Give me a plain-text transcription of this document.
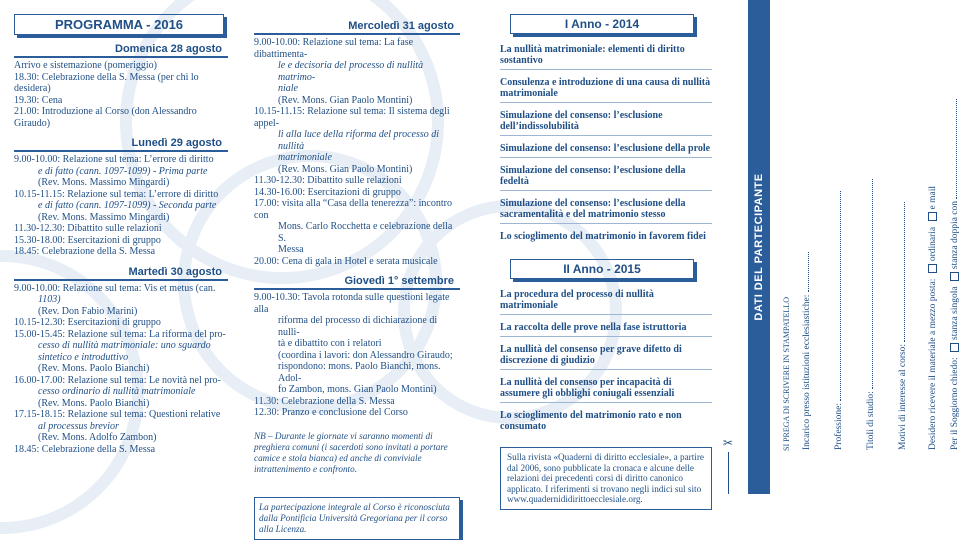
PROGRAMMA - 2016
Domenica 28 agosto
Arrivo e sistemazione (pomeriggio)
18.30: Celebrazione della S. Messa (per chi lo desidera)
19.30: Cena
21.00: Introduzione al Corso (don Alessandro Giraudo)
Lunedì 29 agosto
9.00-10.00: Relazione sul tema: L’errore di diritto
e di fatto (cann. 1097-1099) - Prima parte
(Rev. Mons. Massimo Mingardi)
10.15-11.15: Relazione sul tema: L’errore di diritto
e di fatto (cann. 1097-1099) - Seconda parte
(Rev. Mons. Massimo Mingardi)
11.30-12.30: Dibattito sulle relazioni
15.30-18.00: Esercitazioni di gruppo
18.45: Celebrazione della S. Messa
Martedì 30 agosto
9.00-10.00: Relazione sul tema: Vis et metus (can.
1103)
(Rev. Don Fabio Marini)
10.15-12.30: Esercitazioni di gruppo
15.00-15.45: Relazione sul tema: La riforma del pro-
cesso di nullità matrimoniale: uno sguardo
sintetico e introduttivo
(Rev. Mons. Paolo Bianchi)
16.00-17.00: Relazione sul tema: Le novità nel pro-
cesso ordinario di nullità matrimoniale
(Rev. Mons. Paolo Bianchi)
17.15-18.15: Relazione sul tema: Questioni relative
al processus brevior
(Rev. Mons. Adolfo Zambon)
18.45: Celebrazione della S. Messa
Mercoledì 31 agosto
9.00-10.00: Relazione sul tema: La fase dibattimenta-
le e decisoria del processo di nullità matrimo-
niale
(Rev. Mons. Gian Paolo Montini)
10.15-11.15: Relazione sul tema: Il sistema degli appel-
li alla luce della riforma del processo di nullità
matrimoniale
(Rev. Mons. Gian Paolo Montini)
11.30-12.30: Dibattito sulle relazioni
14.30-16.00: Esercitazioni di gruppo
17.00: visita alla “Casa della tenerezza”: incontro con
Mons. Carlo Rocchetta e celebrazione della S.
Messa
20.00: Cena di gala in Hotel e serata musicale
Giovedì 1° settembre
9.00-10.30: Tavola rotonda sulle questioni legate alla
riforma del processo di dichiarazione di nulli-
tà e dibattito con i relatori
(coordina i lavori: don Alessandro Giraudo;
rispondono: mons. Paolo Bianchi, mons. Adol-
fo Zambon, mons. Gian Paolo Montini)
11.30: Celebrazione della S. Messa
12.30: Pranzo e conclusione del Corso
NB – Durante le giornate vi saranno momenti di preghiera comuni (i sacerdoti sono invitati a portare camice e stola bianca) ed anche di conviviale intrattenimento e confronto.
La partecipazione integrale al Corso è riconosciuta dalla Pontificia Università Gregoriana per il corso alla Licenza.
I Anno - 2014
La nullità matrimoniale: elementi di diritto sostantivo
Consulenza e introduzione di una causa di nullità matrimoniale
Simulazione del consenso: l’esclusione dell’indissolubilità
Simulazione del consenso: l’esclusione della prole
Simulazione del consenso: l’esclusione della fedeltà
Simulazione del consenso: l’esclusione della sacramentalità e del matrimonio stesso
Lo scioglimento del matrimonio in favorem fidei
II Anno - 2015
La procedura del processo di nullità matrimoniale
La raccolta delle prove nella fase istruttoria
La nullità del consenso per grave difetto di discrezione di giudizio
La nullità del consenso per incapacità di assumere gli obblighi coniugali essenziali
Lo scioglimento del matrimonio rato e non consumato
Sulla rivista «Quaderni di diritto ecclesiale», a partire dal 2006, sono pubblicate la cronaca e alcune delle relazioni dei precedenti corsi di diritto canonico applicato. I riferimenti si trovano negli indici sul sito www.quadernididirittoecclesiale.org.
✂
DATI DEL PARTECIPANTE
SI PREGA DI SCRIVERE IN STAMPATELLO Incarico presso istituzioni ecclesiastiche: Professione: Titoli di studio: Motivi di interesse al corso: Desidero ricevere il materiale a mezzo posta: ordinaria e mail
Per il Soggiorno chiedo: stanza singola stanza doppia con
